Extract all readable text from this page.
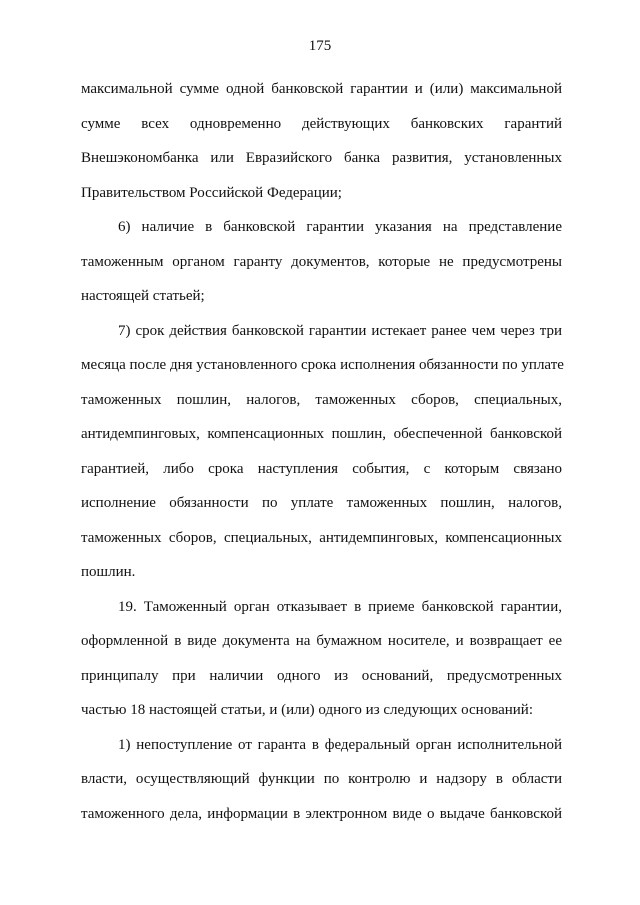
175
максимальной сумме одной банковской гарантии и (или) максимальной
сумме всех одновременно действующих банковских гарантий
Внешэкономбанка или Евразийского банка развития, установленных
Правительством Российской Федерации;
6) наличие в банковской гарантии указания на представление
таможенным органом гаранту документов, которые не предусмотрены
настоящей статьей;
7) срок действия банковской гарантии истекает ранее чем через три
месяца после дня установленного срока исполнения обязанности по уплате
таможенных пошлин, налогов, таможенных сборов, специальных,
антидемпинговых, компенсационных пошлин, обеспеченной банковской
гарантией, либо срока наступления события, с которым связано
исполнение обязанности по уплате таможенных пошлин, налогов,
таможенных сборов, специальных, антидемпинговых, компенсационных
пошлин.
19. Таможенный орган отказывает в приеме банковской гарантии,
оформленной в виде документа на бумажном носителе, и возвращает ее
принципалу при наличии одного из оснований, предусмотренных
частью 18 настоящей статьи, и (или) одного из следующих оснований:
1) непоступление от гаранта в федеральный орган исполнительной
власти, осуществляющий функции по контролю и надзору в области
таможенного дела, информации в электронном виде о выдаче банковской
